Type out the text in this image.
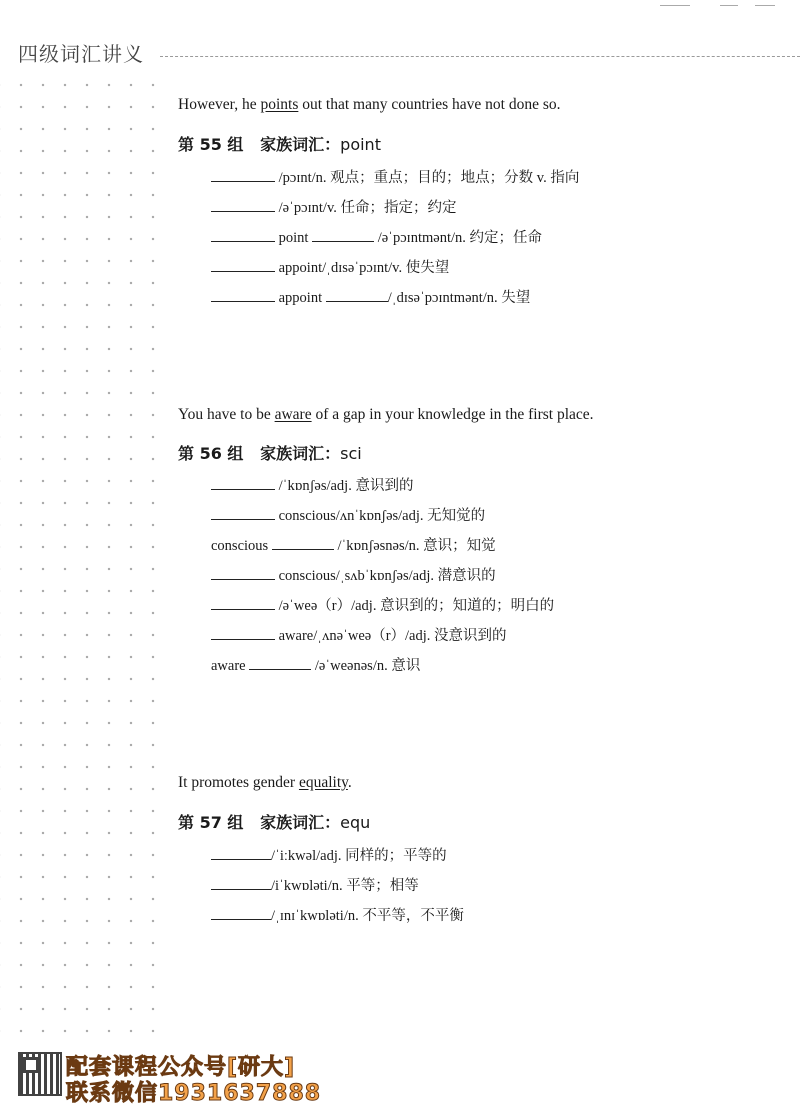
四级词汇讲义
However, he points out that many countries have not done so.
第 55 组 家族词汇：point
/pɔɪnt/n. 观点；重点；目的；地点；分数 v. 指向
/əˈpɔɪnt/v. 任命；指定；约定
point	/əˈpɔɪntmənt/n. 约定；任命
appoint/ˌdɪsəˈpɔɪnt/v. 使失望
appoint	/ˌdɪsəˈpɔɪntmənt/n. 失望
You have to be aware of a gap in your knowledge in the first place.
第 56 组 家族词汇：sci
/ˈkɒnʃəs/adj. 意识到的
conscious/ʌnˈkɒnʃəs/adj. 无知觉的
conscious	/ˈkɒnʃəsnəs/n. 意识；知觉
conscious/ˌsʌbˈkɒnʃəs/adj. 潜意识的
/əˈweə（r）/adj. 意识到的；知道的；明白的
aware/ˌʌnəˈweə（r）/adj. 没意识到的
aware	/əˈweənəs/n. 意识
It promotes gender equality.
第 57 组 家族词汇：equ
/ˈiːkwəl/adj. 同样的；平等的
/iˈkwɒləti/n. 平等；相等
/ˌɪnɪˈkwɒləti/n. 不平等，不平衡
配套课程公众号[研大]
联系微信1931637888
